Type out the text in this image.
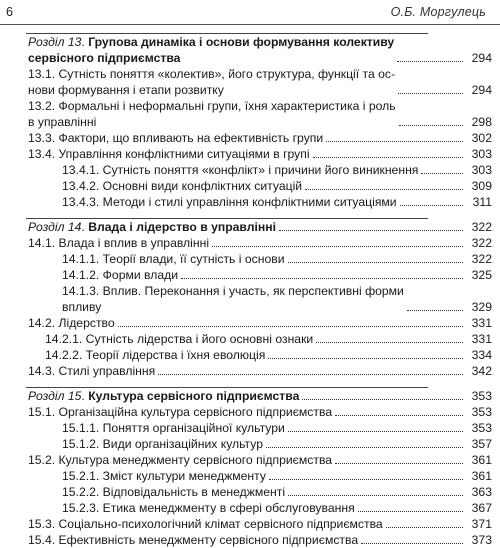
6	О.Б. Моргулець
Розділ 13. Групова динаміка і основи формування колективу
сервісного підприємства	294
13.1. Сутність поняття «колектив», його структура, функції та ос-
нови формування і етапи розвитку	294
13.2. Формальні і неформальні групи, їхня характеристика і роль
в управлінні	298
13.3. Фактори, що впливають на ефективність групи	302
13.4. Управління конфліктними ситуаціями в групі	303
13.4.1. Сутність поняття «конфлікт» і причини його виникнення	303
13.4.2. Основні види конфліктних ситуацій	309
13.4.3. Методи і стилі управління конфліктними ситуаціями	311
Розділ 14. Влада і лідерство в управлінні	322
14.1. Влада і вплив в управлінні	322
14.1.1. Теорії влади, її сутність і основи	322
14.1.2. Форми влади	325
14.1.3. Вплив. Переконання і участь, як перспективні форми
впливу	329
14.2. Лідерство	331
14.2.1. Сутність лідерства і його основні ознаки	331
14.2.2. Теорії лідерства і їхня еволюція	334
14.3. Стилі управління	342
Розділ 15. Культура сервісного підприємства	353
15.1. Організаційна культура сервісного підприємства	353
15.1.1. Поняття організаційної культури	353
15.1.2. Види організаційних культур	357
15.2. Культура менеджменту сервісного підприємства	361
15.2.1. Зміст культури менеджменту	361
15.2.2. Відповідальність в менеджменті	363
15.2.3. Етика менеджменту в сфері обслуговування	367
15.3. Соціально-психологічний клімат сервісного підприємства	371
15.4. Ефективність менеджменту сервісного підприємства	373
